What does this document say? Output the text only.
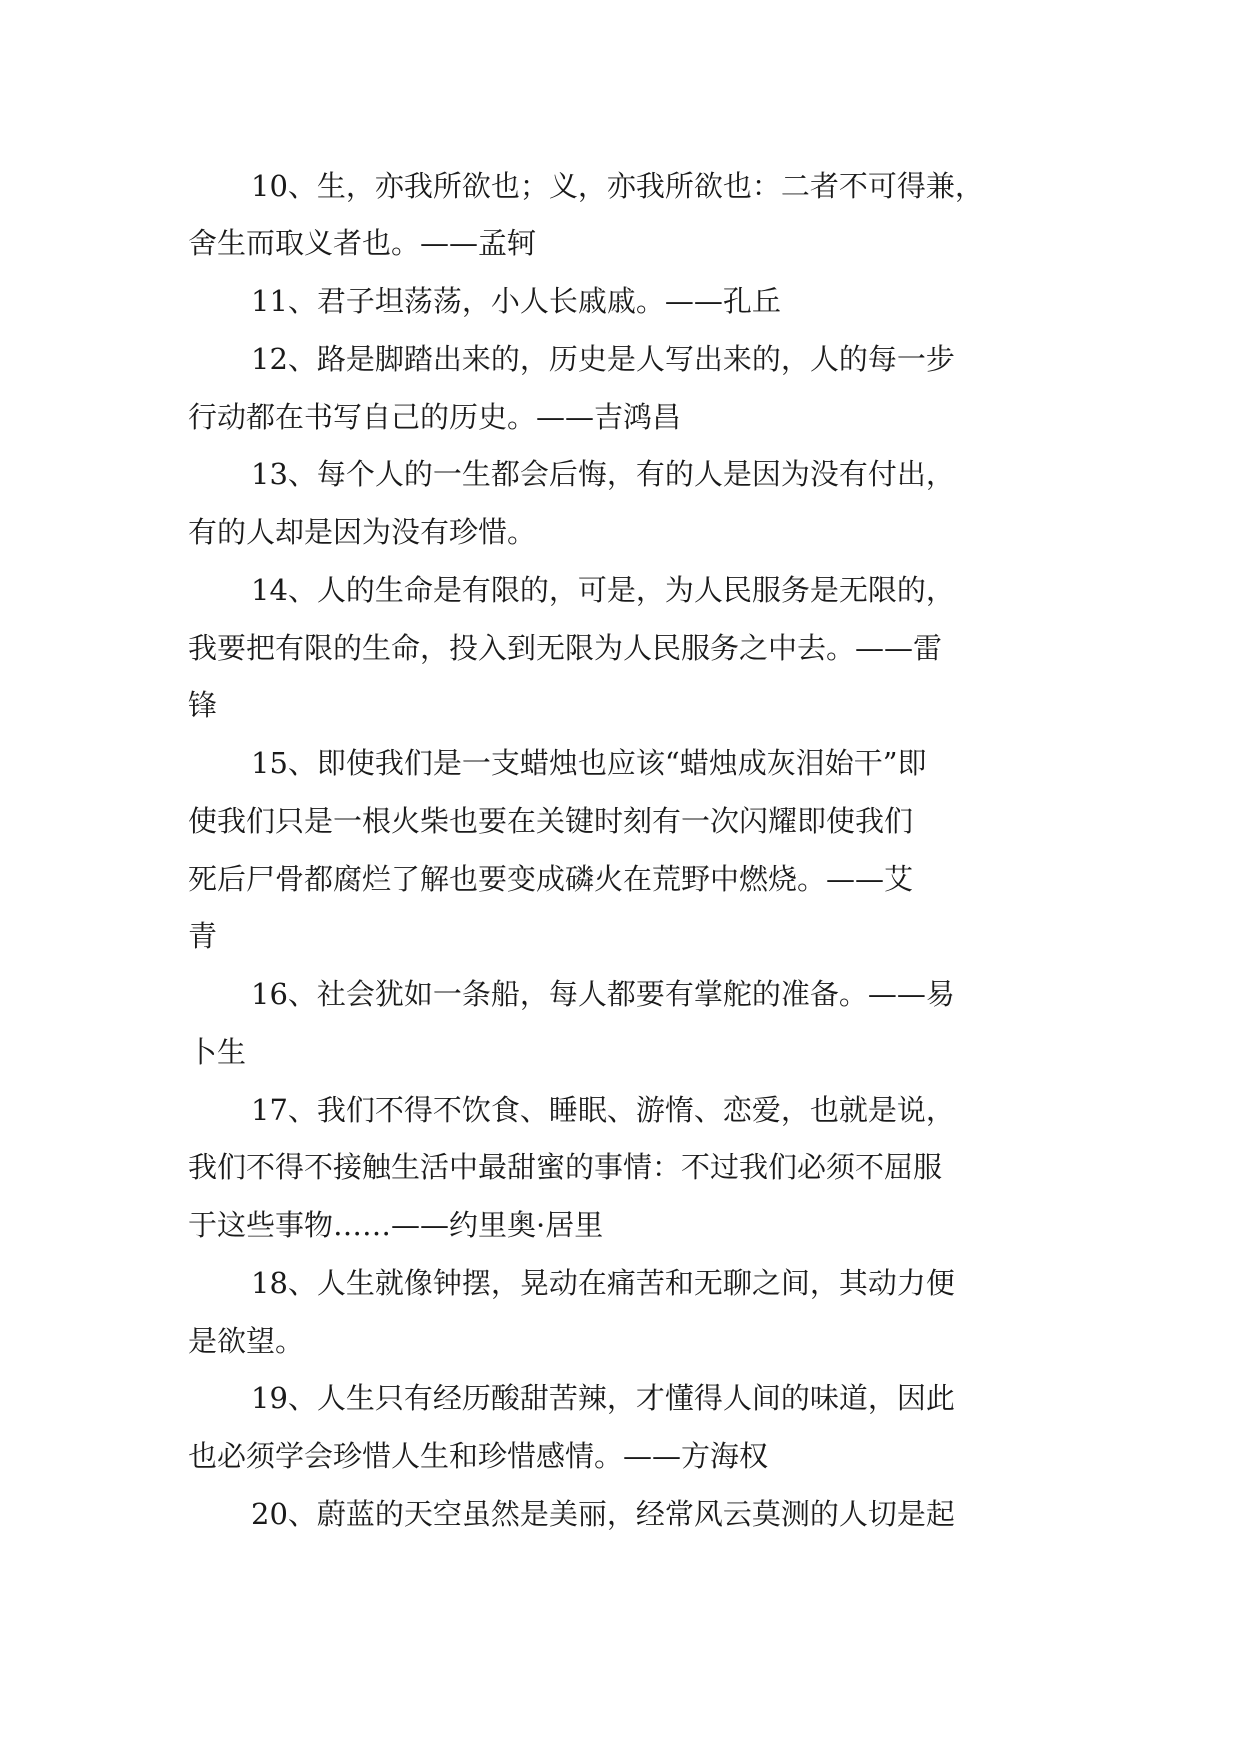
10、生，亦我所欲也；义，亦我所欲也：二者不可得兼，
舍生而取义者也。——孟轲
11、君子坦荡荡，小人长戚戚。——孔丘
12、路是脚踏出来的，历史是人写出来的，人的每一步
行动都在书写自己的历史。——吉鸿昌
13、每个人的一生都会后悔，有的人是因为没有付出，
有的人却是因为没有珍惜。
14、人的生命是有限的，可是，为人民服务是无限的，
我要把有限的生命，投入到无限为人民服务之中去。——雷
锋
15、即使我们是一支蜡烛也应该“蜡烛成灰泪始干”即
使我们只是一根火柴也要在关键时刻有一次闪耀即使我们
死后尸骨都腐烂了解也要变成磷火在荒野中燃烧。——艾
青
16、社会犹如一条船，每人都要有掌舵的准备。——易
卜生
17、我们不得不饮食、睡眠、游惰、恋爱，也就是说，
我们不得不接触生活中最甜蜜的事情：不过我们必须不屈服
于这些事物……——约里奥·居里
18、人生就像钟摆，晃动在痛苦和无聊之间，其动力便
是欲望。
19、人生只有经历酸甜苦辣，才懂得人间的味道，因此
也必须学会珍惜人生和珍惜感情。——方海权
20、蔚蓝的天空虽然是美丽，经常风云莫测的人切是起
